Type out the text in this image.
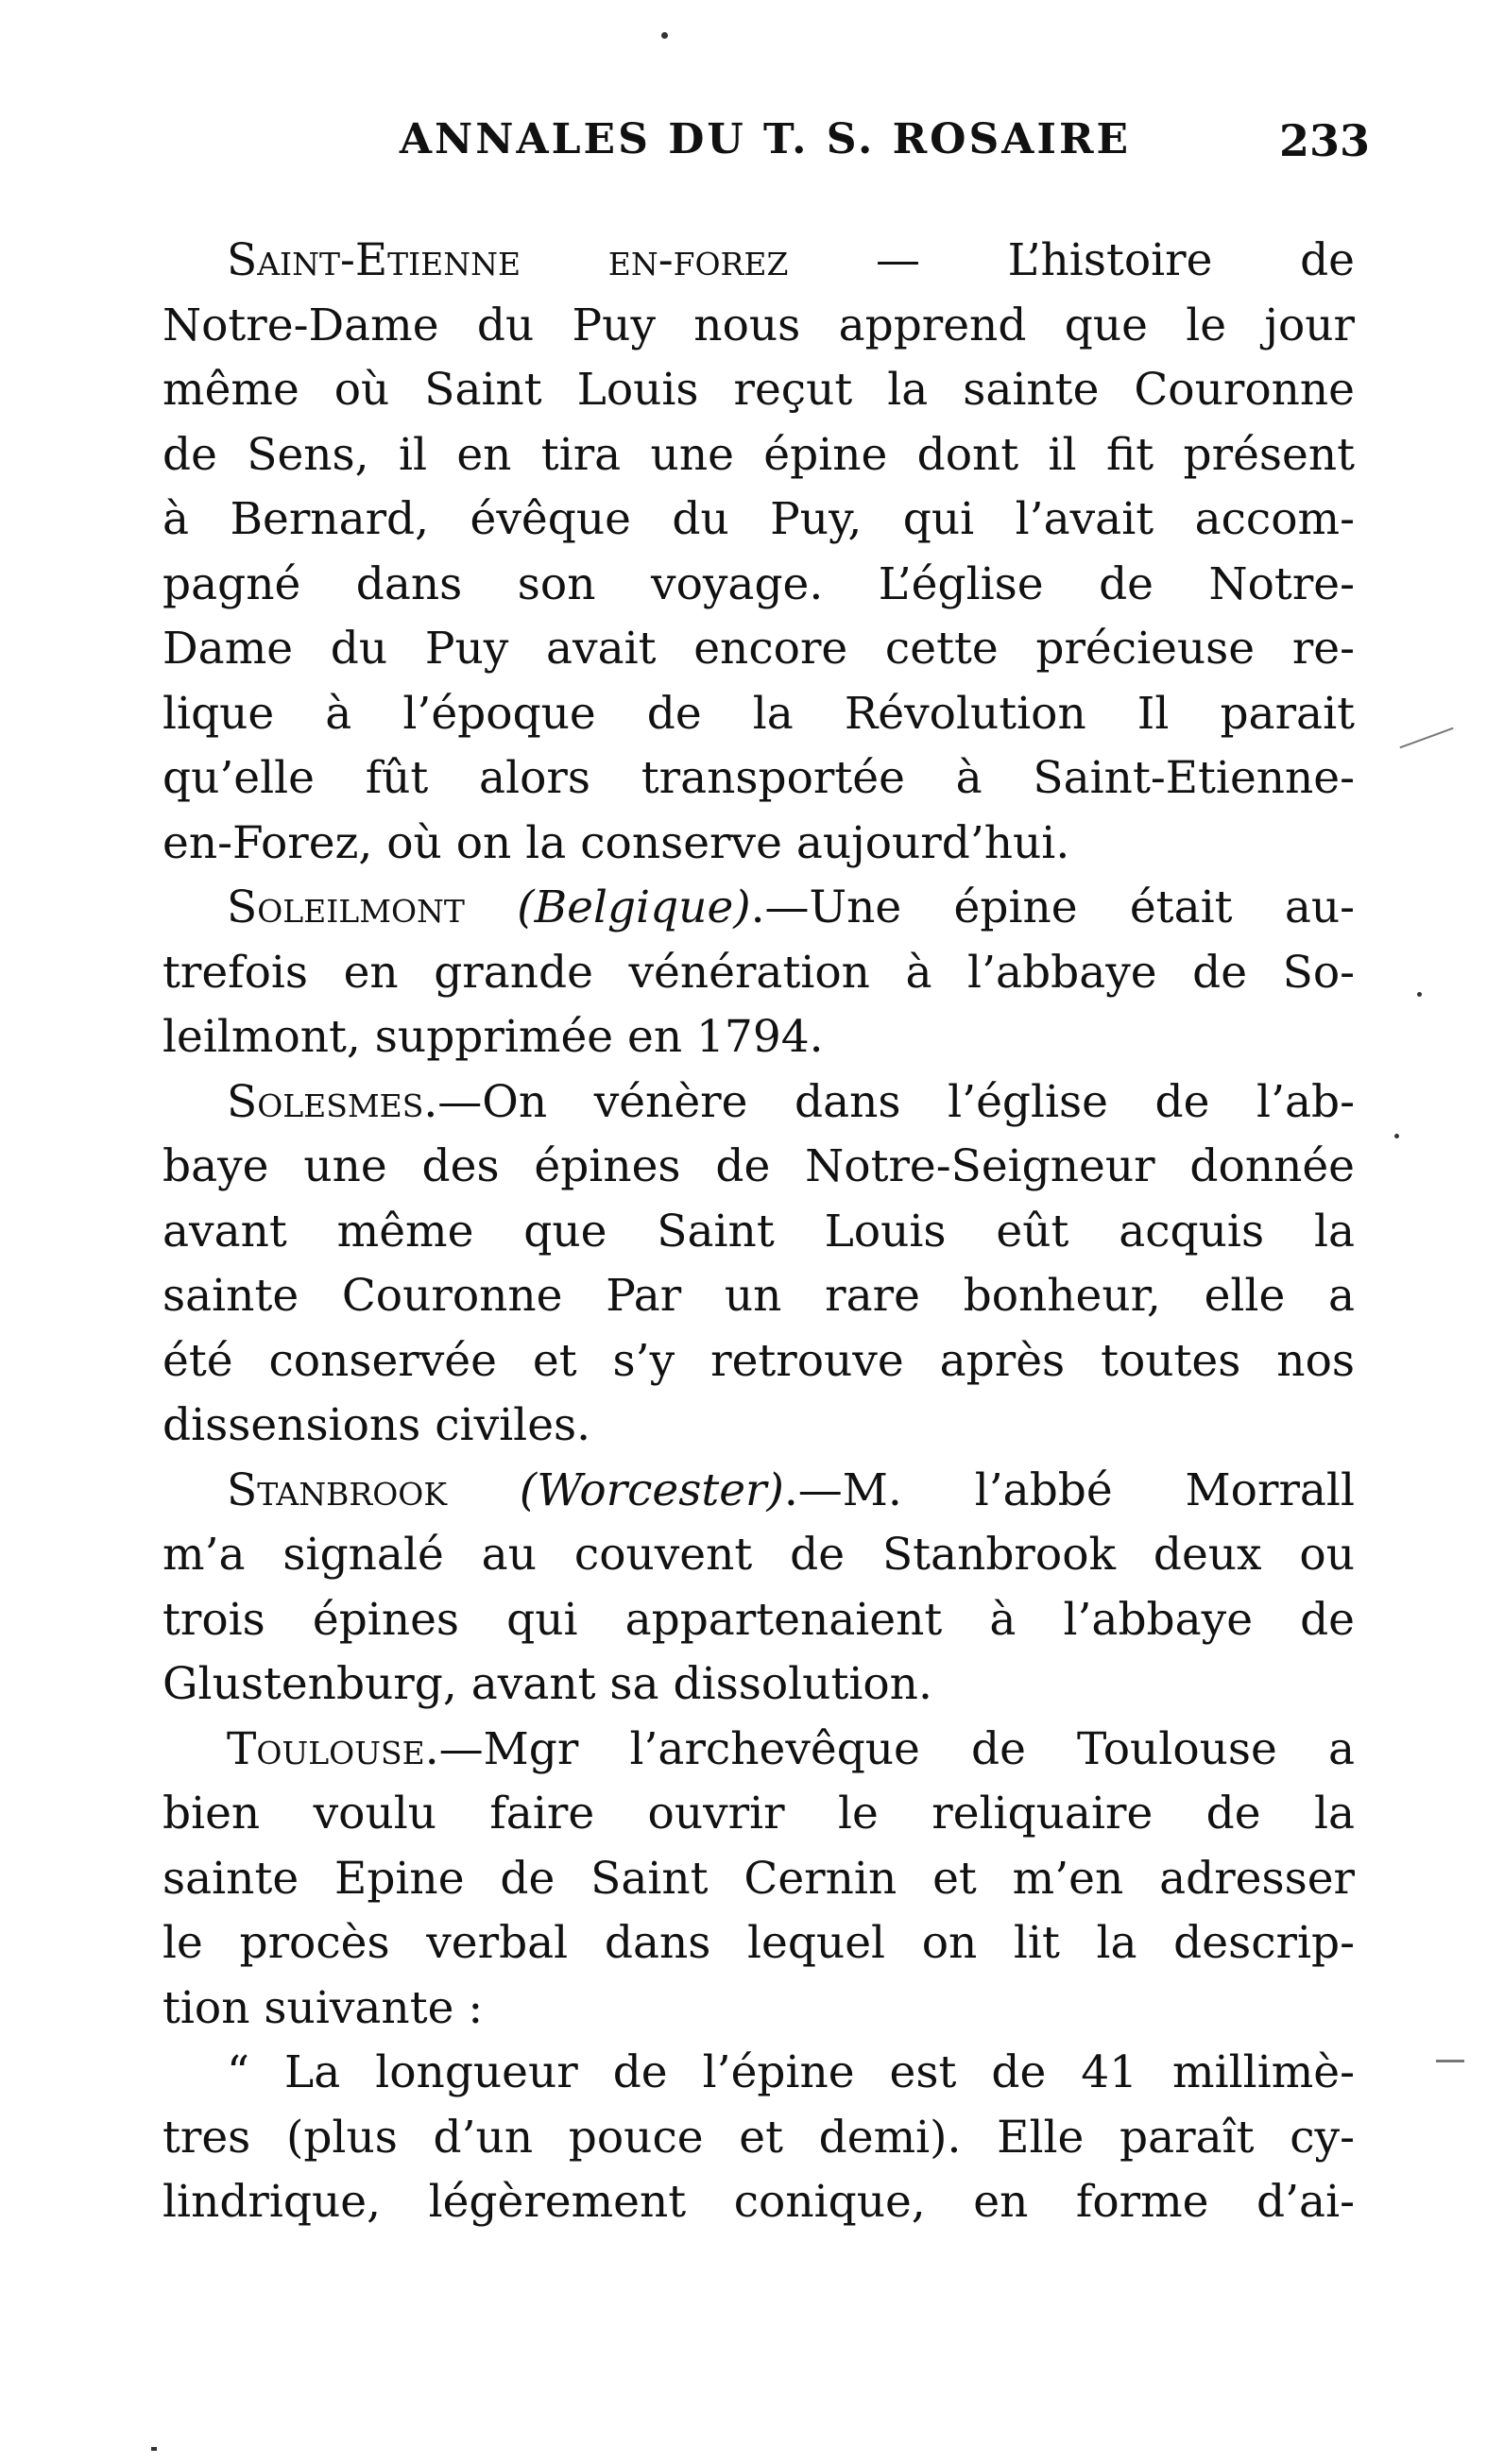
ANNALES DU T. S. ROSAIRE	233
Saint-Etienne en-forez — L’histoire de
Notre-Dame du Puy nous apprend que le jour
même où Saint Louis reçut la sainte Couronne
de Sens, il en tira une épine dont il fit présent
à Bernard, évêque du Puy, qui l’avait accom-
pagné dans son voyage. L’église de Notre-
Dame du Puy avait encore cette précieuse re-
lique à l’époque de la Révolution Il parait
qu’elle fût alors transportée à Saint-Etienne-
en-Forez, où on la conserve aujourd’hui.
Soleilmont (Belgique).—Une épine était au-
trefois en grande vénération à l’abbaye de So-
leilmont, supprimée en 1794.
Solesmes.—On vénère dans l’église de l’ab-
baye une des épines de Notre-Seigneur donnée
avant même que Saint Louis eût acquis la
sainte Couronne Par un rare bonheur, elle a
été conservée et s’y retrouve après toutes nos
dissensions civiles.
Stanbrook (Worcester).—M. l’abbé Morrall
m’a signalé au couvent de Stanbrook deux ou
trois épines qui appartenaient à l’abbaye de
Glustenburg, avant sa dissolution.
Toulouse.—Mgr l’archevêque de Toulouse a
bien voulu faire ouvrir le reliquaire de la
sainte Epine de Saint Cernin et m’en adresser
le procès verbal dans lequel on lit la descrip-
tion suivante :
“ La longueur de l’épine est de 41 millimè-
tres (plus d’un pouce et demi). Elle paraît cy-
lindrique, légèrement conique, en forme d’ai-
